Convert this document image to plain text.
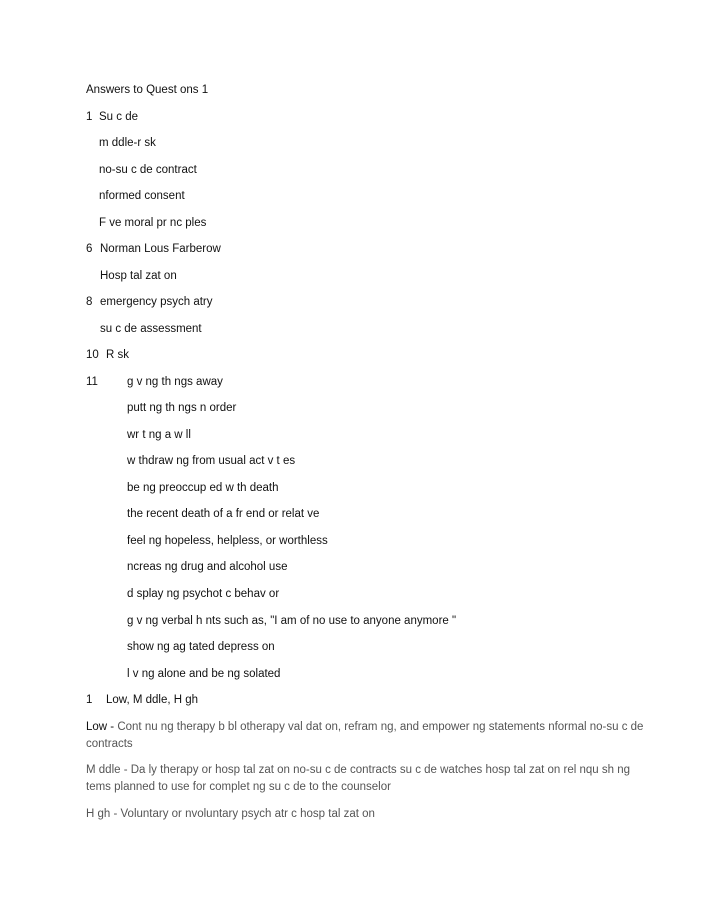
Answers to Quest ons 1
1 Su c de
m ddle-r sk
no-su c de contract
nformed consent
F ve moral pr nc ples
6 Norman Lous Farberow
Hosp tal zat on
8 emergency psych atry
su c de assessment
10 R sk
11	g v ng th ngs away
putt ng th ngs n order
wr t ng a w ll
w thdraw ng from usual act v t es
be ng preoccup ed w th death
the recent death of a fr end or relat ve
feel ng hopeless, helpless, or worthless
ncreas ng drug and alcohol use
d splay ng psychot c behav or
g v ng verbal h nts such as, "I am of no use to anyone anymore "
show ng ag tated depress on
l v ng alone and be ng solated
1 Low, M ddle, H gh
Low - Cont nu ng therapy b bl otherapy val dat on, refram ng, and empower ng statements nformal no-su c de contracts
M ddle - Da ly therapy or hosp tal zat on no-su c de contracts su c de watches hosp tal zat on rel nqu sh ng tems planned to use for complet ng su c de to the counselor
H gh - Voluntary or nvoluntary psych atr c hosp tal zat on
